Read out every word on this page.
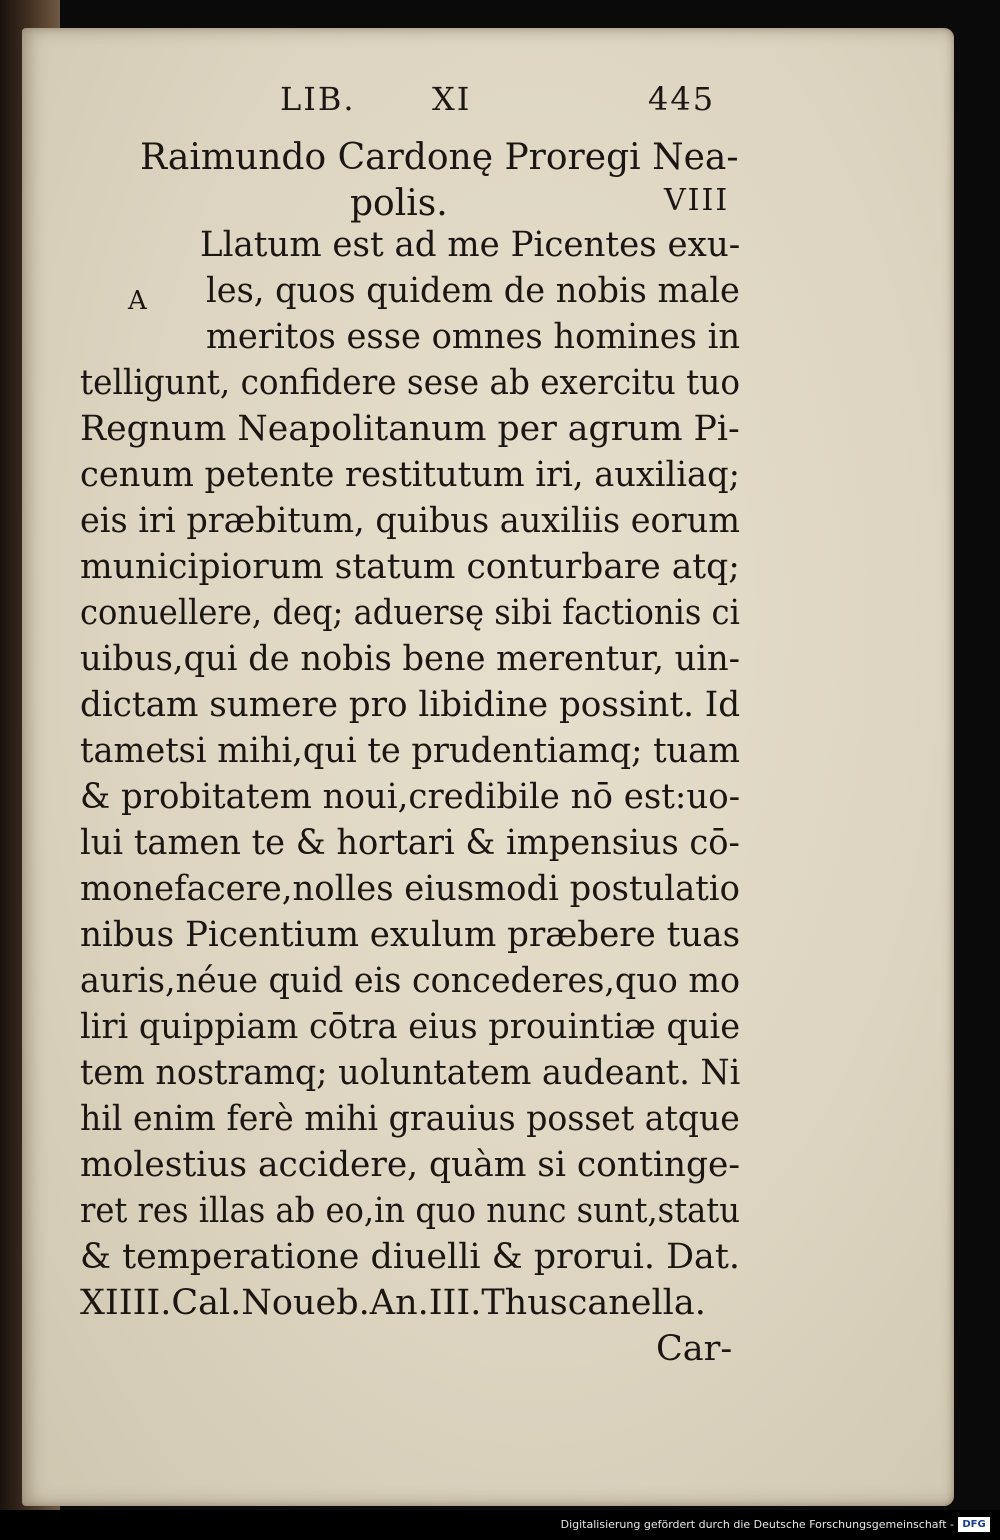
LIB. XI	445
Raimundo Cardonę Proregi Nea-
polis.	VIII
A
Llatum est ad me Picentes exu-
les, quos quidem de nobis male
meritos esse omnes homines in
telligunt, confidere sese ab exercitu tuo
Regnum Neapolitanum per agrum Pi-
cenum petente restitutum iri, auxiliaq;
eis iri præbitum, quibus auxiliis eorum
municipiorum statum conturbare atq;
conuellere, deq; aduersę sibi factionis ci
uibus,qui de nobis bene merentur, uin-
dictam sumere pro libidine possint. Id
tametsi mihi,qui te prudentiamq; tuam
& probitatem noui,credibile nō est:uo-
lui tamen te & hortari & impensius cō-
monefacere,nolles eiusmodi postulatio
nibus Picentium exulum præbere tuas
auris,néue quid eis concederes,quo mo
liri quippiam cōtra eius prouintiæ quie
tem nostramq; uoluntatem audeant. Ni
hil enim ferè mihi grauius posset atque
molestius accidere, quàm si continge-
ret res illas ab eo,in quo nunc sunt,statu
& temperatione diuelli & prorui. Dat.
XIIII.Cal.Noueb.An.III.Thuscanella.
Car-
Digitalisierung gefördert durch die Deutsche Forschungsgemeinschaft - DFG
